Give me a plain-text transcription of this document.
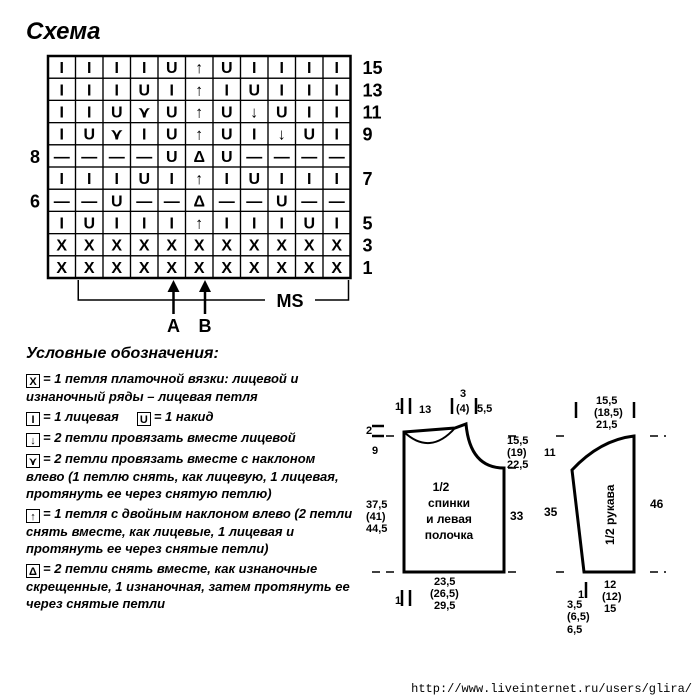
Схема
I I I I U ↑ U I I I I 15
I I I U I ↑ I U I I I 13
I I U ⋎ U ↑ U ↓ U I I 11
I U ⋎ I U ↑ U I ↓ U I 9
— — — — U Δ U — — — —
8
I I I U I ↑ I U I I I 7
— — U — — Δ — — U — —
6
I U I I I ↑ I I I U I 5
X X X X X X X X X X X 3
X X X X X X X X X X X 1
MS
A B
Условные обозначения:
X = 1 петля платочной вязки: лицевой и изнаночный ряды – лицевая петля
I = 1 лицевая U = 1 накид
↓ = 2 петли провязать вместе лицевой
⋎ = 2 петли провязать вместе с наклоном влево (1 петлю снять, как лицевую, 1 лицевая, протянуть ее через снятую петлю)
↑ = 1 петля с двойным наклоном влево (2 петли снять вместе, как лицевые, 1 лицевая и протянуть ее через снятые петли)
Δ = 2 петли снять вместе, как изнаночные скрещенные, 1 изнаночная, затем протянуть ее через снятые петли
13
3
(4) 5,5
1
2
9
15,5
(19)
22,5
11
37,5
(41)
44,5
33 35
1/2
спинки
и левая
полочка
23,5
(26,5)
29,5
1
15,5
(18,5)
21,5
1/2 рукава	46
12
(12)
15
3,5
(6,5)
6,5
1
http://www.liveinternet.ru/users/glira/
